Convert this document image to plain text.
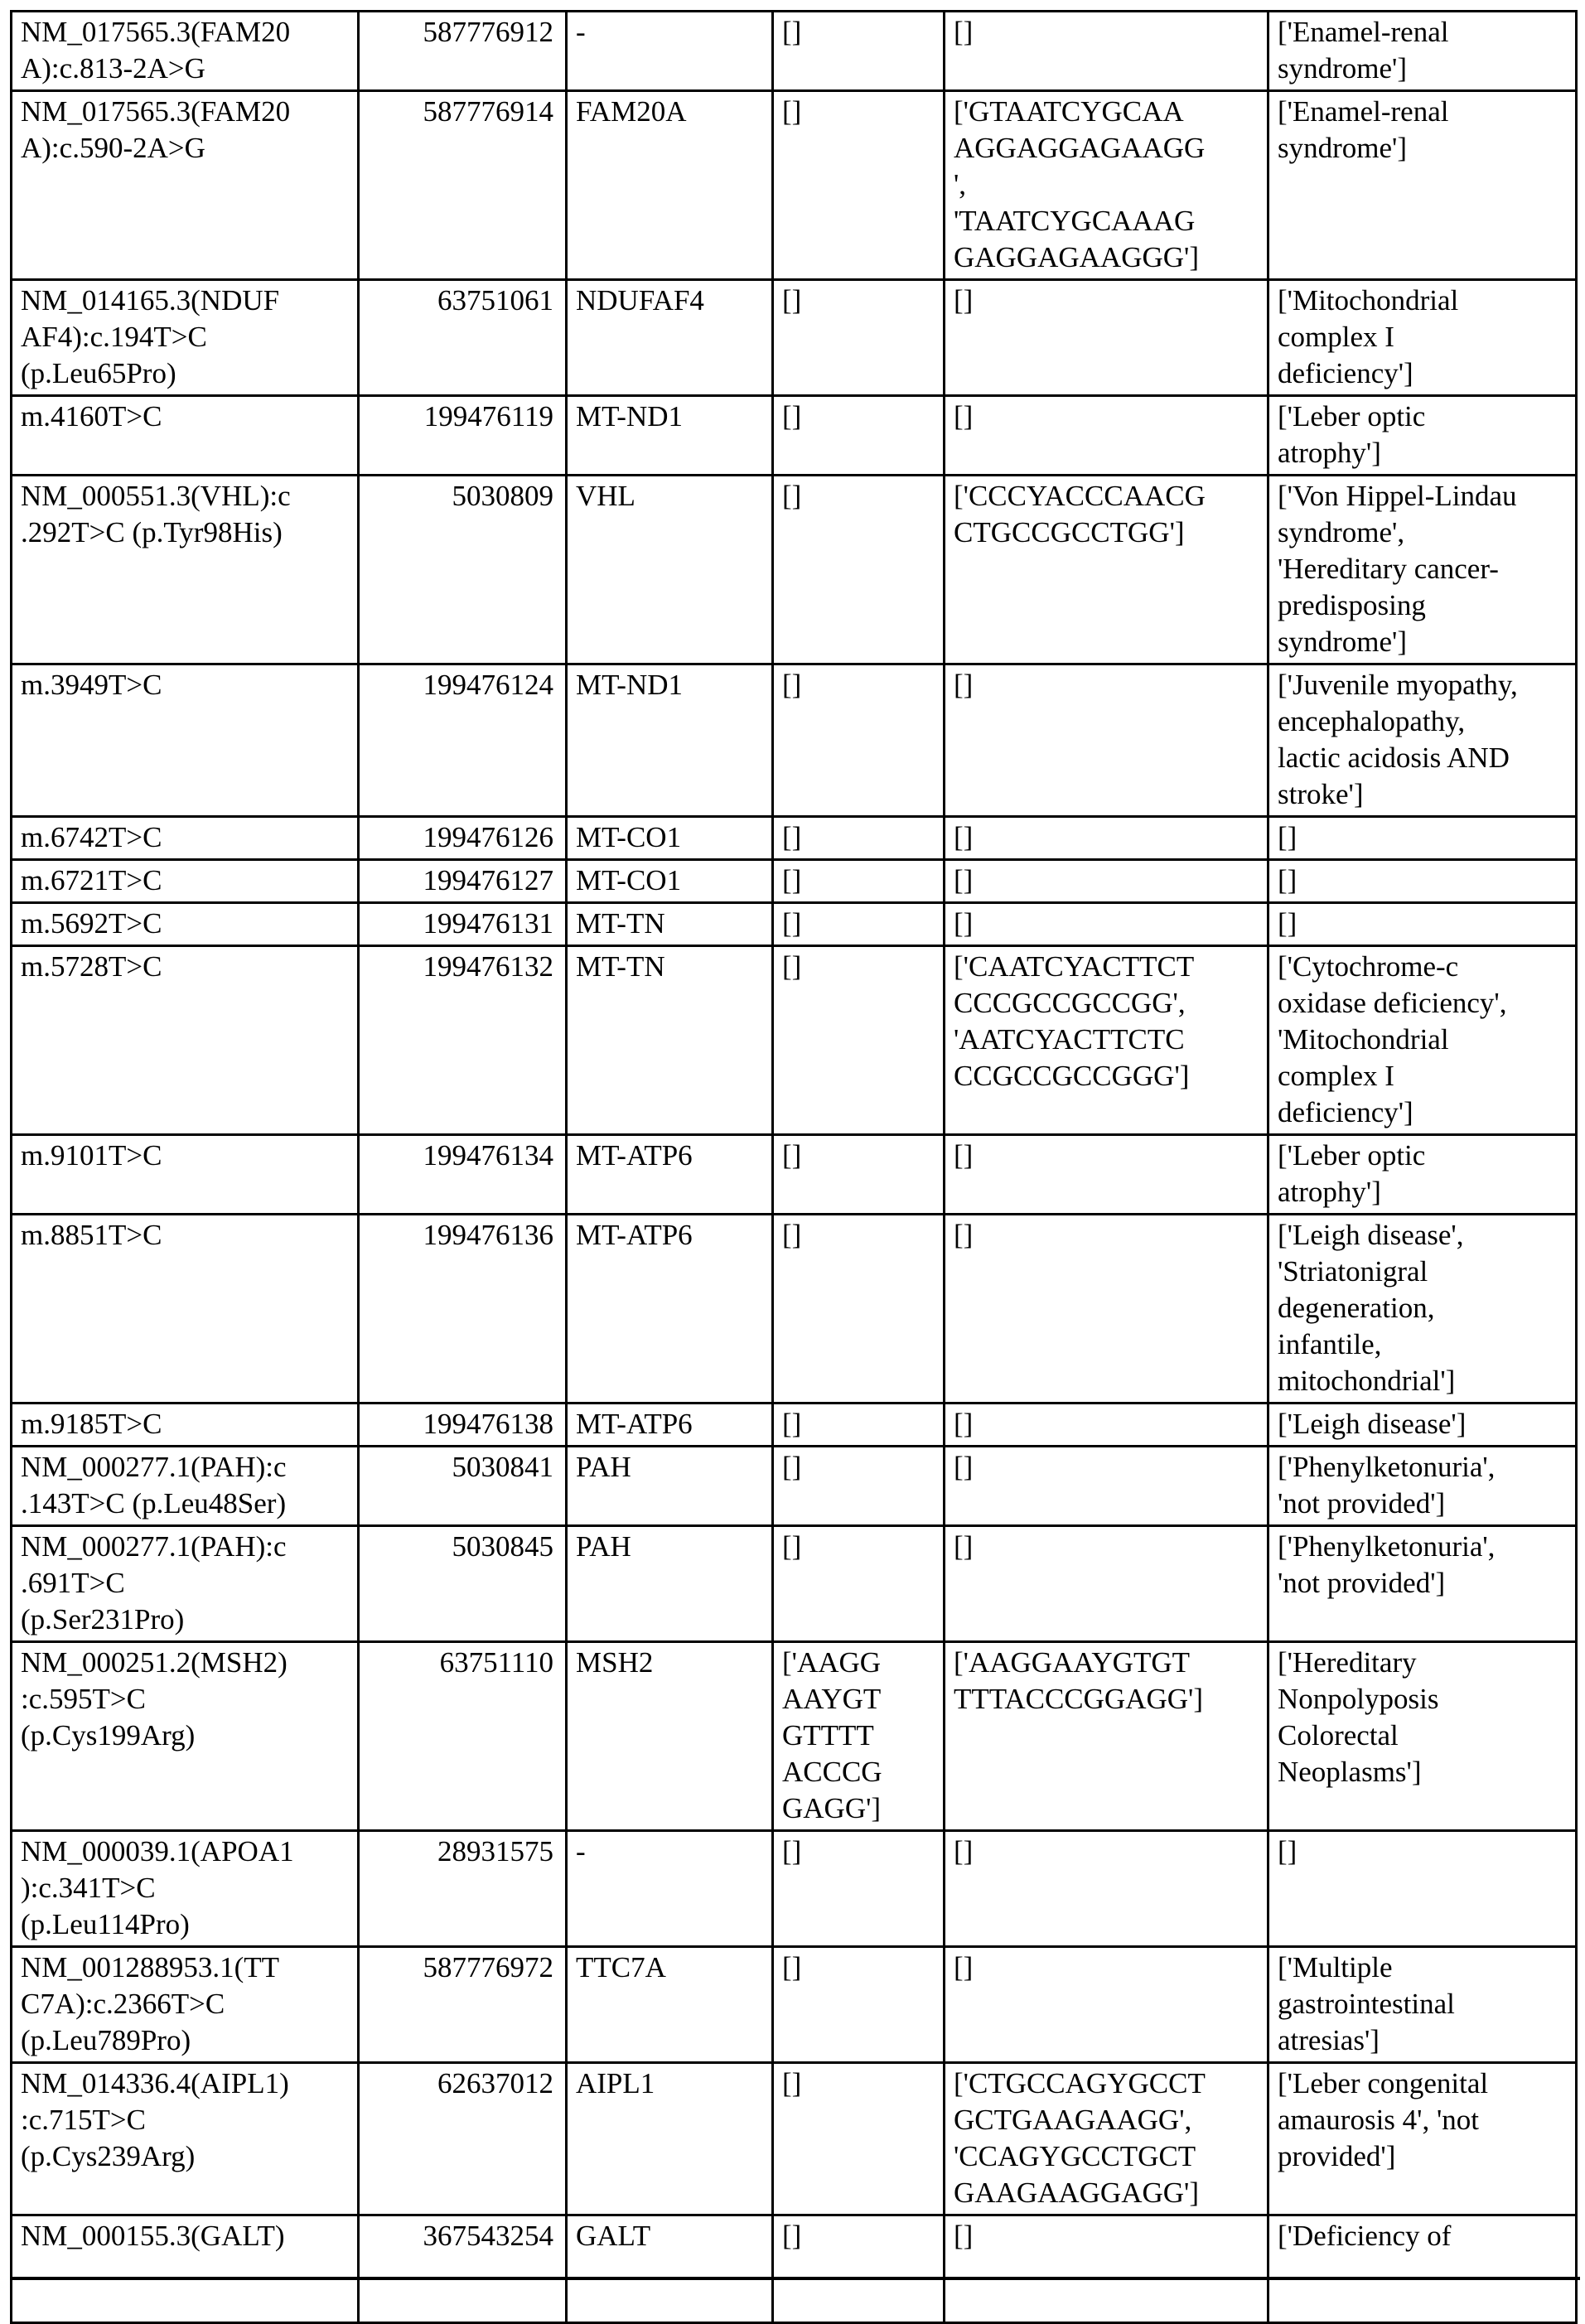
NM_017565.3(FAM20
A):c.813-2A>G	587776912	-	[]	[]	['Enamel-renal
syndrome']
NM_017565.3(FAM20
A):c.590-2A>G	587776914	FAM20A	[]	['GTAATCYGCAA
AGGAGGAGAAGG
',
'TAATCYGCAAAG
GAGGAGAAGGG']	['Enamel-renal
syndrome']
NM_014165.3(NDUF
AF4):c.194T>C
(p.Leu65Pro)	63751061	NDUFAF4	[]	[]	['Mitochondrial
complex I
deficiency']
m.4160T>C	199476119	MT-ND1	[]	[]	['Leber optic
atrophy']
NM_000551.3(VHL):c
.292T>C (p.Tyr98His)	5030809	VHL	[]	['CCCYACCCAACG
CTGCCGCCTGG']	['Von Hippel-Lindau
syndrome',
'Hereditary cancer-
predisposing
syndrome']
m.3949T>C	199476124	MT-ND1	[]	[]	['Juvenile myopathy,
encephalopathy,
lactic acidosis AND
stroke']
m.6742T>C	199476126	MT-CO1	[]	[]	[]
m.6721T>C	199476127	MT-CO1	[]	[]	[]
m.5692T>C	199476131	MT-TN	[]	[]	[]
m.5728T>C	199476132	MT-TN	[]	['CAATCYACTTCT
CCCGCCGCCGG',
'AATCYACTTCTC
CCGCCGCCGGG']	['Cytochrome-c
oxidase deficiency',
'Mitochondrial
complex I
deficiency']
m.9101T>C	199476134	MT-ATP6	[]	[]	['Leber optic
atrophy']
m.8851T>C	199476136	MT-ATP6	[]	[]	['Leigh disease',
'Striatonigral
degeneration,
infantile,
mitochondrial']
m.9185T>C	199476138	MT-ATP6	[]	[]	['Leigh disease']
NM_000277.1(PAH):c
.143T>C (p.Leu48Ser)	5030841	PAH	[]	[]	['Phenylketonuria',
'not provided']
NM_000277.1(PAH):c
.691T>C
(p.Ser231Pro)	5030845	PAH	[]	[]	['Phenylketonuria',
'not provided']
NM_000251.2(MSH2)
:c.595T>C
(p.Cys199Arg)	63751110	MSH2	['AAGG
AAYGT
GTTTT
ACCCG
GAGG']	['AAGGAAYGTGT
TTTACCCGGAGG']	['Hereditary
Nonpolyposis
Colorectal
Neoplasms']
NM_000039.1(APOA1
):c.341T>C
(p.Leu114Pro)	28931575	-	[]	[]	[]
NM_001288953.1(TT
C7A):c.2366T>C
(p.Leu789Pro)	587776972	TTC7A	[]	[]	['Multiple
gastrointestinal
atresias']
NM_014336.4(AIPL1)
:c.715T>C
(p.Cys239Arg)	62637012	AIPL1	[]	['CTGCCAGYGCCT
GCTGAAGAAGG',
'CCAGYGCCTGCT
GAAGAAGGAGG']	['Leber congenital
amaurosis 4', 'not
provided']
NM_000155.3(GALT)	367543254	GALT	[]	[]	['Deficiency of
